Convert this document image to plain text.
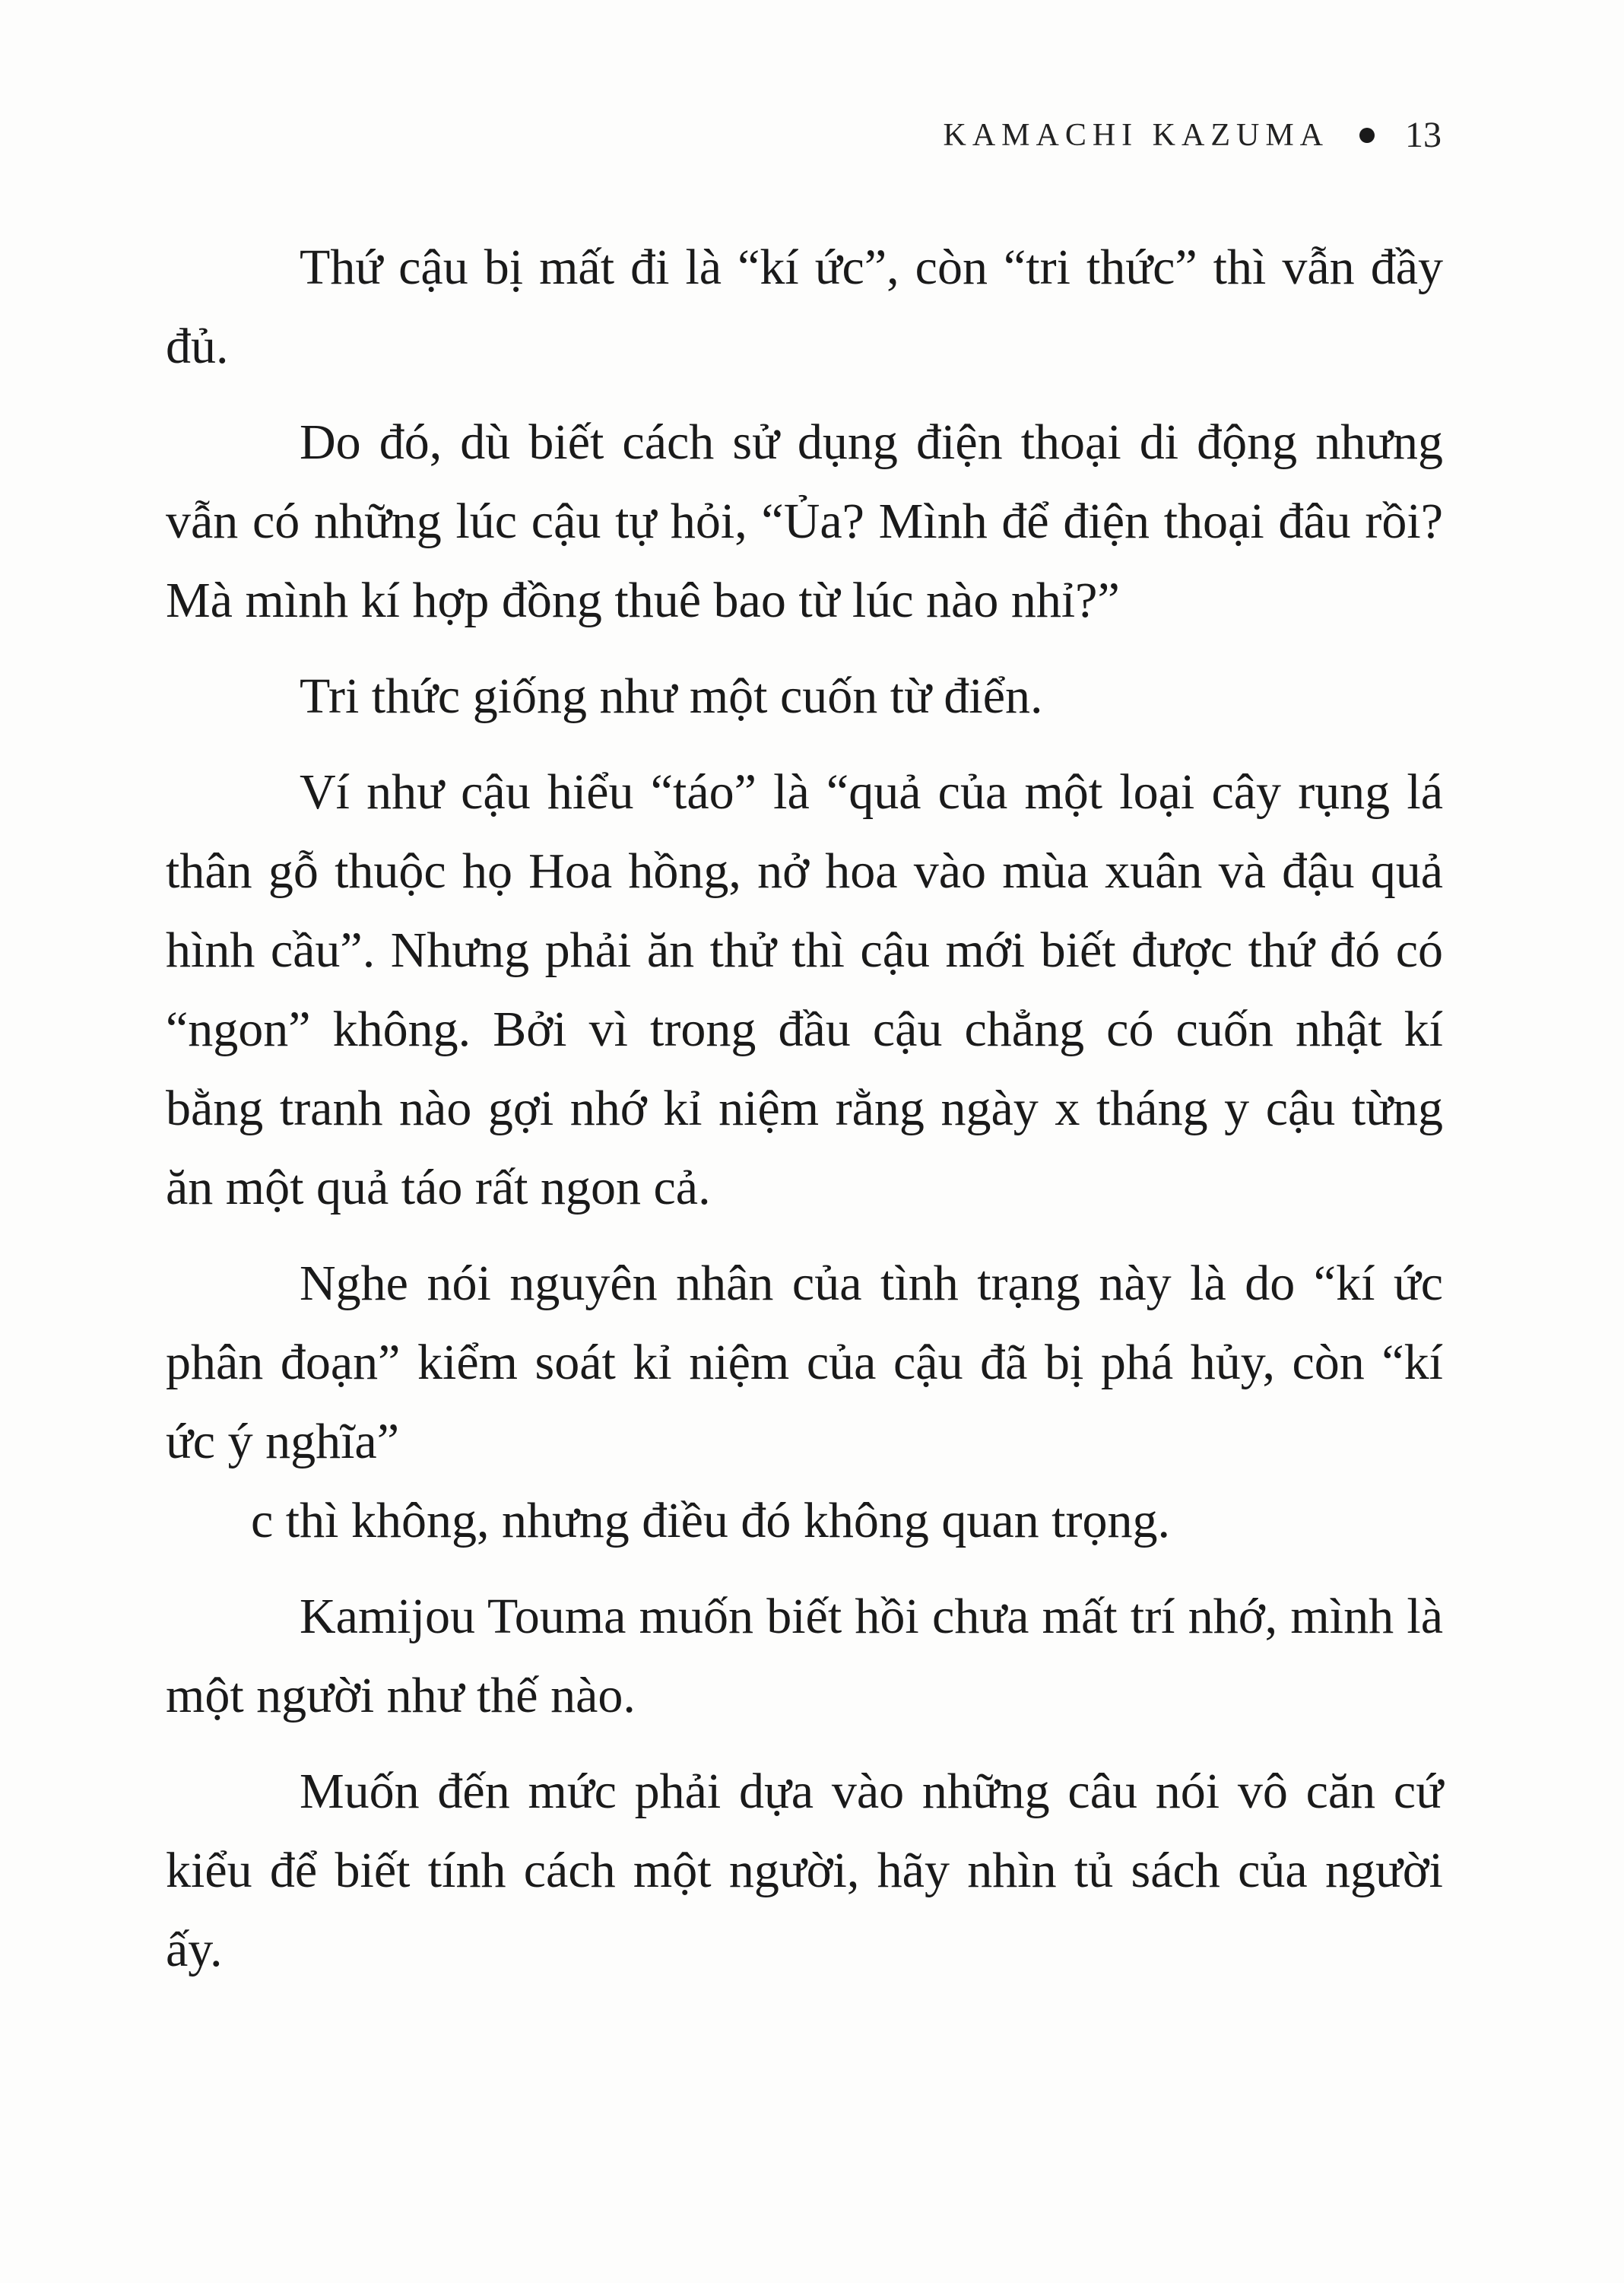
KAMACHI KAZUMA 13

Thứ cậu bị mất đi là “kí ức”, còn “tri thức” thì vẫn đầy đủ.

Do đó, dù biết cách sử dụng điện thoại di động nhưng vẫn có những lúc cậu tự hỏi, “Ủa? Mình để điện thoại đâu rồi? Mà mình kí hợp đồng thuê bao từ lúc nào nhỉ?”

Tri thức giống như một cuốn từ điển.

Ví như cậu hiểu “táo” là “quả của một loại cây rụng lá thân gỗ thuộc họ Hoa hồng, nở hoa vào mùa xuân và đậu quả hình cầu”. Nhưng phải ăn thử thì cậu mới biết được thứ đó có “ngon” không. Bởi vì trong đầu cậu chẳng có cuốn nhật kí bằng tranh nào gợi nhớ kỉ niệm rằng ngày x tháng y cậu từng ăn một quả táo rất ngon cả.

Nghe nói nguyên nhân của tình trạng này là do “kí ức phân đoạn” kiểm soát kỉ niệm của cậu đã bị phá hủy, còn “kí ức ý nghĩa”

c thì không, nhưng điều đó không quan trọng.

Kamijou Touma muốn biết hồi chưa mất trí nhớ, mình là một người như thế nào.

Muốn đến mức phải dựa vào những câu nói vô căn cứ kiểu để biết tính cách một người, hãy nhìn tủ sách của người ấy.
